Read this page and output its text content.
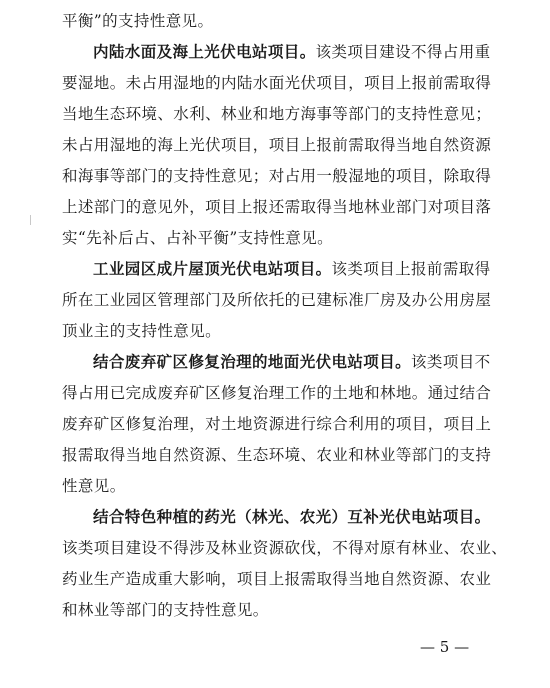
平衡”的支持性意见。

内陆水面及海上光伏电站项目。该类项目建设不得占用重

要湿地。未占用湿地的内陆水面光伏项目，项目上报前需取得

当地生态环境、水利、林业和地方海事等部门的支持性意见；

未占用湿地的海上光伏项目，项目上报前需取得当地自然资源

和海事等部门的支持性意见；对占用一般湿地的项目，除取得

上述部门的意见外，项目上报还需取得当地林业部门对项目落

实“先补后占、占补平衡”支持性意见。

工业园区成片屋顶光伏电站项目。该类项目上报前需取得

所在工业园区管理部门及所依托的已建标准厂房及办公用房屋

顶业主的支持性意见。

结合废弃矿区修复治理的地面光伏电站项目。该类项目不

得占用已完成废弃矿区修复治理工作的土地和林地。通过结合

废弃矿区修复治理，对土地资源进行综合利用的项目，项目上

报需取得当地自然资源、生态环境、农业和林业等部门的支持

性意见。

结合特色种植的药光（林光、农光）互补光伏电站项目。

该类项目建设不得涉及林业资源砍伐，不得对原有林业、农业、

药业生产造成重大影响，项目上报需取得当地自然资源、农业

和林业等部门的支持性意见。

— 5 —
